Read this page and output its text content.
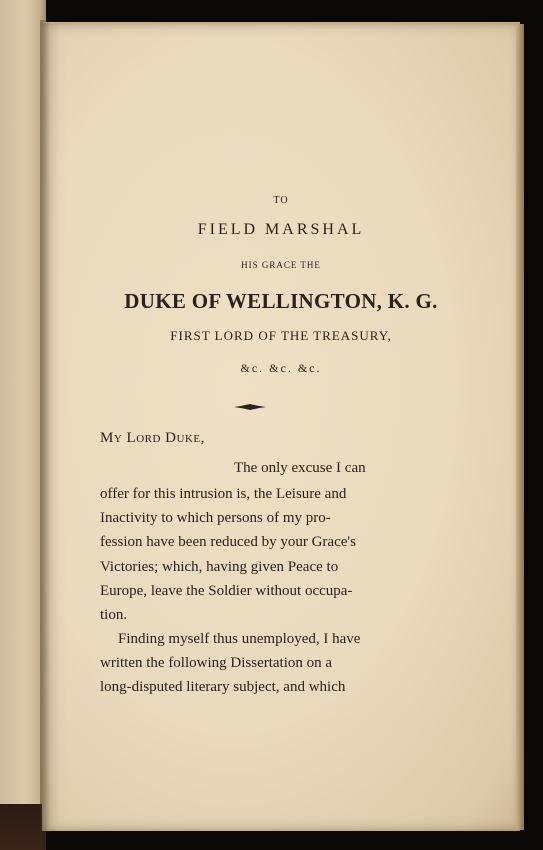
TO
FIELD MARSHAL
HIS GRACE THE
DUKE OF WELLINGTON, K. G.
FIRST LORD OF THE TREASURY,
&c. &c. &c.
My Lord Duke,
The only excuse I can
offer for this intrusion is, the Leisure and
Inactivity to which persons of my pro-
fession have been reduced by your Grace's
Victories; which, having given Peace to
Europe, leave the Soldier without occupa-
tion.
Finding myself thus unemployed, I have
written the following Dissertation on a
long-disputed literary subject, and which
